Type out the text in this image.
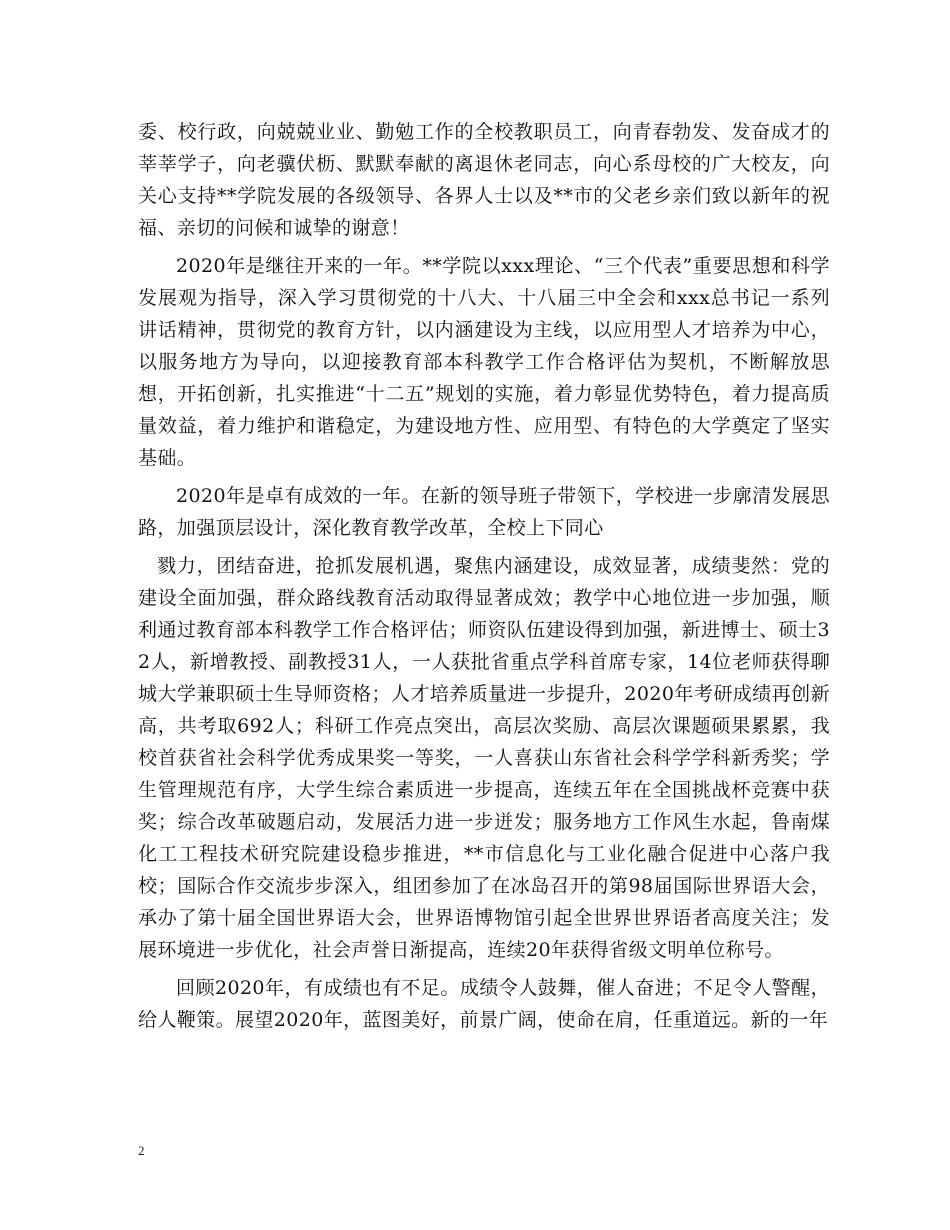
委、校行政，向兢兢业业、勤勉工作的全校教职员工，向青春勃发、发奋成才的莘莘学子，向老骥伏枥、默默奉献的离退休老同志，向心系母校的广大校友，向关心支持**学院发展的各级领导、各界人士以及**市的父老乡亲们致以新年的祝福、亲切的问候和诚挚的谢意！

2020年是继往开来的一年。**学院以xxx理论、“三个代表”重要思想和科学发展观为指导，深入学习贯彻党的十八大、十八届三中全会和xxx总书记一系列讲话精神，贯彻党的教育方针，以内涵建设为主线，以应用型人才培养为中心，以服务地方为导向，以迎接教育部本科教学工作合格评估为契机，不断解放思想，开拓创新，扎实推进“十二五”规划的实施，着力彰显优势特色，着力提高质量效益，着力维护和谐稳定，为建设地方性、应用型、有特色的大学奠定了坚实基础。

2020年是卓有成效的一年。在新的领导班子带领下，学校进一步廓清发展思路，加强顶层设计，深化教育教学改革，全校上下同心

戮力，团结奋进，抢抓发展机遇，聚焦内涵建设，成效显著，成绩斐然：党的建设全面加强，群众路线教育活动取得显著成效；教学中心地位进一步加强，顺利通过教育部本科教学工作合格评估；师资队伍建设得到加强，新进博士、硕士32人，新增教授、副教授31人，一人获批省重点学科首席专家，14位老师获得聊城大学兼职硕士生导师资格；人才培养质量进一步提升，2020年考研成绩再创新高，共考取692人；科研工作亮点突出，高层次奖励、高层次课题硕果累累，我校首获省社会科学优秀成果奖一等奖，一人喜获山东省社会科学学科新秀奖；学生管理规范有序，大学生综合素质进一步提高，连续五年在全国挑战杯竞赛中获奖；综合改革破题启动，发展活力进一步迸发；服务地方工作风生水起，鲁南煤化工工程技术研究院建设稳步推进，**市信息化与工业化融合促进中心落户我校；国际合作交流步步深入，组团参加了在冰岛召开的第98届国际世界语大会，承办了第十届全国世界语大会，世界语博物馆引起全世界世界语者高度关注；发展环境进一步优化，社会声誉日渐提高，连续20年获得省级文明单位称号。

回顾2020年，有成绩也有不足。成绩令人鼓舞，催人奋进；不足令人警醒，给人鞭策。展望2020年，蓝图美好，前景广阔，使命在肩，任重道远。新的一年

2
